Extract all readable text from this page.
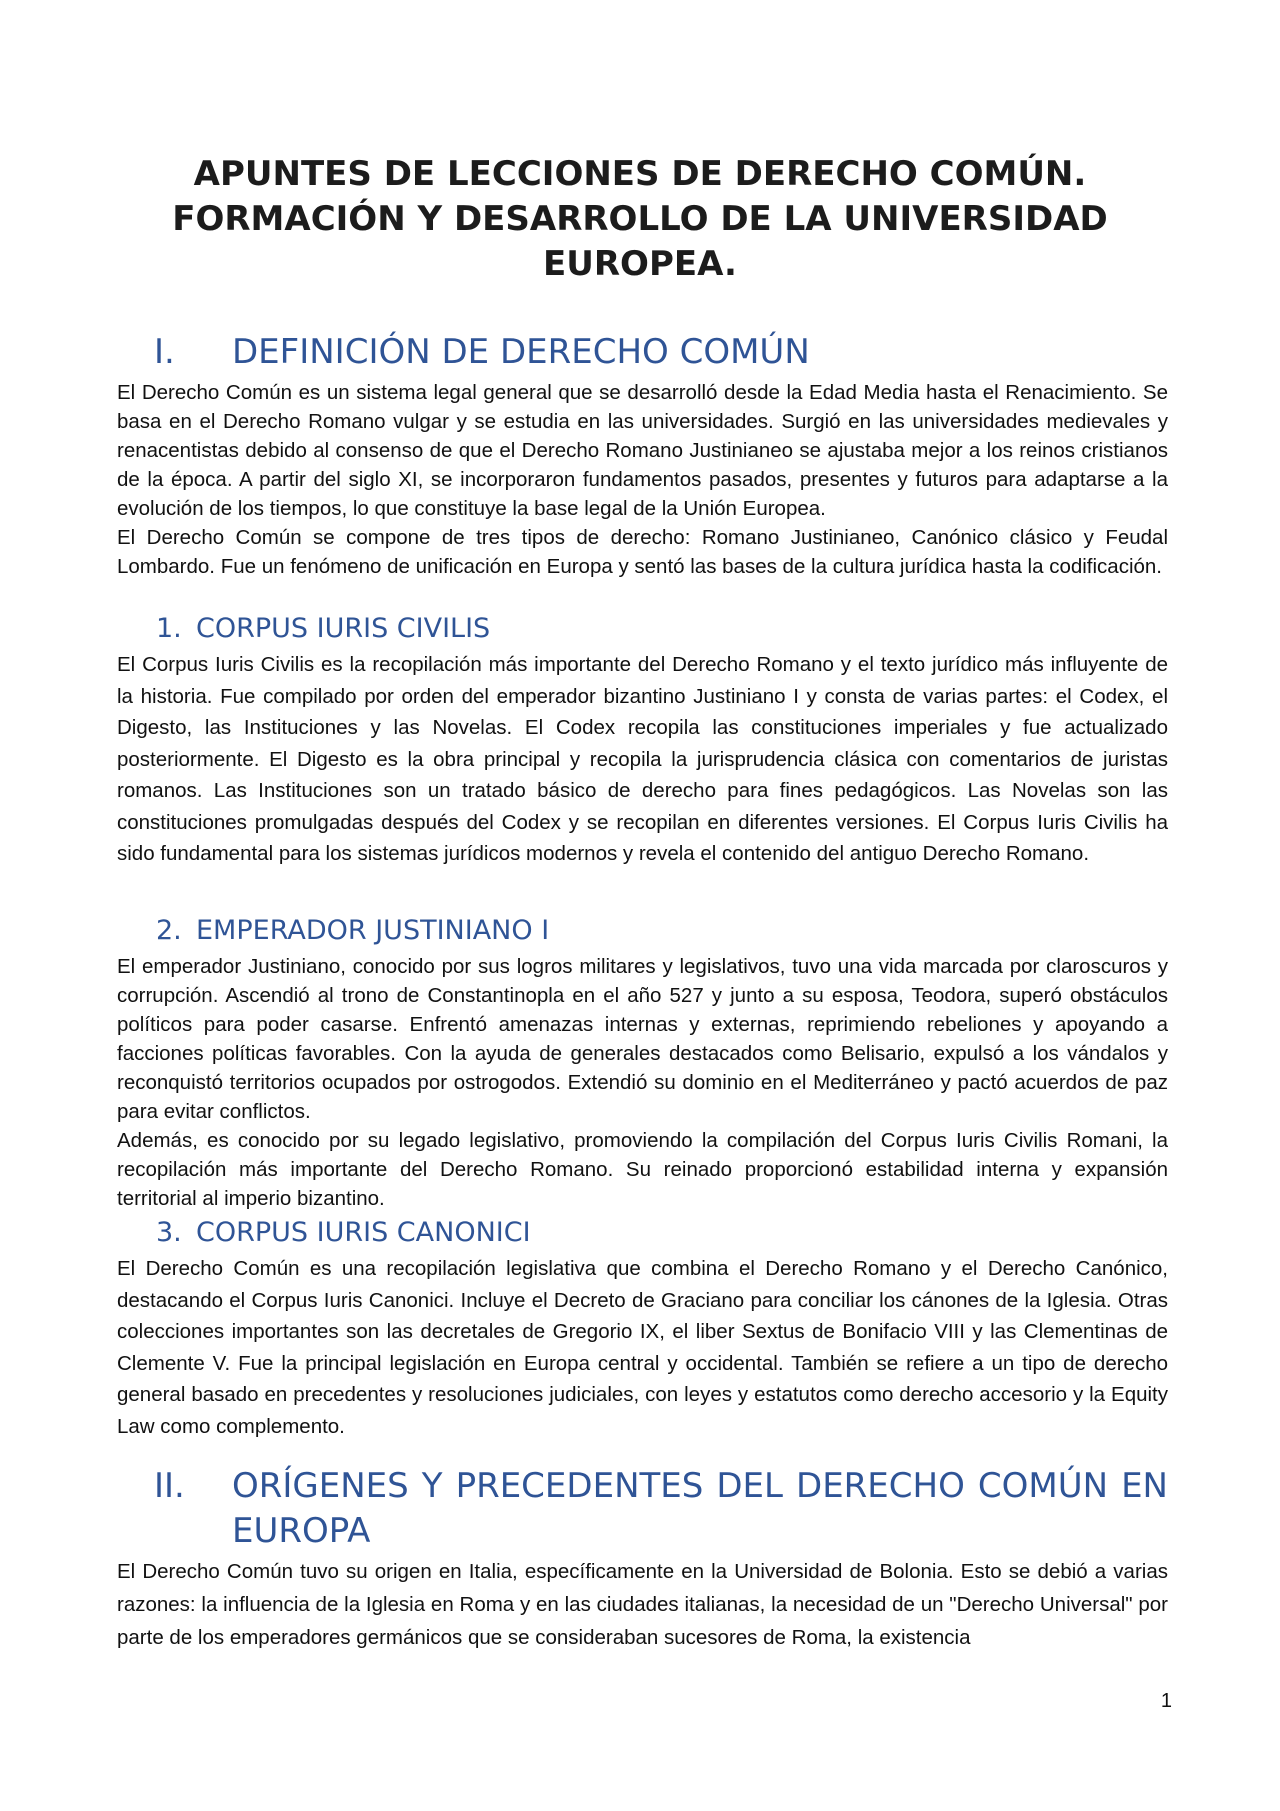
APUNTES DE LECCIONES DE DERECHO COMÚN. FORMACIÓN Y DESARROLLO DE LA UNIVERSIDAD EUROPEA.
I. DEFINICIÓN DE DERECHO COMÚN

El Derecho Común es un sistema legal general que se desarrolló desde la Edad Media hasta el Renacimiento. Se basa en el Derecho Romano vulgar y se estudia en las universidades. Surgió en las universidades medievales y renacentistas debido al consenso de que el Derecho Romano Justinianeo se ajustaba mejor a los reinos cristianos de la época. A partir del siglo XI, se incorporaron fundamentos pasados, presentes y futuros para adaptarse a la evolución de los tiempos, lo que constituye la base legal de la Unión Europea.

El Derecho Común se compone de tres tipos de derecho: Romano Justinianeo, Canónico clásico y Feudal Lombardo. Fue un fenómeno de unificación en Europa y sentó las bases de la cultura jurídica hasta la codificación.

1. CORPUS IURIS CIVILIS

El Corpus Iuris Civilis es la recopilación más importante del Derecho Romano y el texto jurídico más influyente de la historia. Fue compilado por orden del emperador bizantino Justiniano I y consta de varias partes: el Codex, el Digesto, las Instituciones y las Novelas. El Codex recopila las constituciones imperiales y fue actualizado posteriormente. El Digesto es la obra principal y recopila la jurisprudencia clásica con comentarios de juristas romanos. Las Instituciones son un tratado básico de derecho para fines pedagógicos. Las Novelas son las constituciones promulgadas después del Codex y se recopilan en diferentes versiones. El Corpus Iuris Civilis ha sido fundamental para los sistemas jurídicos modernos y revela el contenido del antiguo Derecho Romano.

2. EMPERADOR JUSTINIANO I

El emperador Justiniano, conocido por sus logros militares y legislativos, tuvo una vida marcada por claroscuros y corrupción. Ascendió al trono de Constantinopla en el año 527 y junto a su esposa, Teodora, superó obstáculos políticos para poder casarse. Enfrentó amenazas internas y externas, reprimiendo rebeliones y apoyando a facciones políticas favorables. Con la ayuda de generales destacados como Belisario, expulsó a los vándalos y reconquistó territorios ocupados por ostrogodos. Extendió su dominio en el Mediterráneo y pactó acuerdos de paz para evitar conflictos.

Además, es conocido por su legado legislativo, promoviendo la compilación del Corpus Iuris Civilis Romani, la recopilación más importante del Derecho Romano. Su reinado proporcionó estabilidad interna y expansión territorial al imperio bizantino.

3. CORPUS IURIS CANONICI

El Derecho Común es una recopilación legislativa que combina el Derecho Romano y el Derecho Canónico, destacando el Corpus Iuris Canonici. Incluye el Decreto de Graciano para conciliar los cánones de la Iglesia. Otras colecciones importantes son las decretales de Gregorio IX, el liber Sextus de Bonifacio VIII y las Clementinas de Clemente V. Fue la principal legislación en Europa central y occidental. También se refiere a un tipo de derecho general basado en precedentes y resoluciones judiciales, con leyes y estatutos como derecho accesorio y la Equity Law como complemento.

II. ORÍGENES Y PRECEDENTES DEL DERECHO COMÚN EN EUROPA

El Derecho Común tuvo su origen en Italia, específicamente en la Universidad de Bolonia. Esto se debió a varias razones: la influencia de la Iglesia en Roma y en las ciudades italianas, la necesidad de un "Derecho Universal" por parte de los emperadores germánicos que se consideraban sucesores de Roma, la existencia

1
